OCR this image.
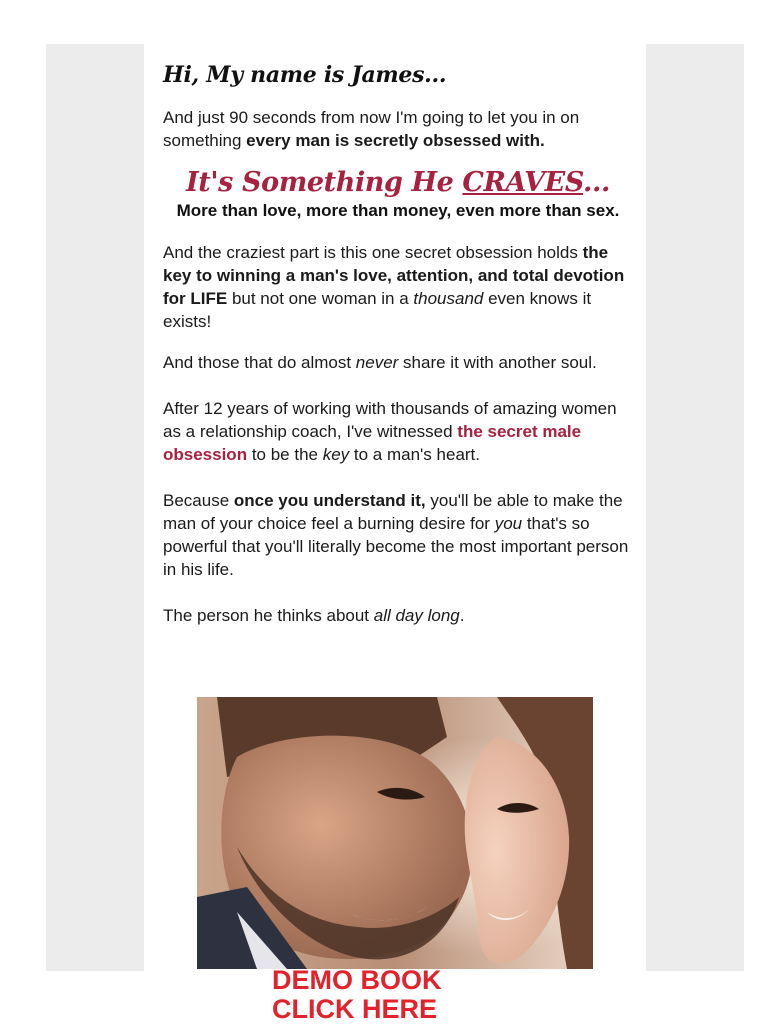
Hi, My name is James...

And just 90 seconds from now I'm going to let you in on something every man is secretly obsessed with.

It's Something He CRAVES...

More than love, more than money, even more than sex.

And the craziest part is this one secret obsession holds the key to winning a man's love, attention, and total devotion for LIFE but not one woman in a thousand even knows it exists!

And those that do almost never share it with another soul.

After 12 years of working with thousands of amazing women as a relationship coach, I've witnessed the secret male obsession to be the key to a man's heart.

Because once you understand it, you'll be able to make the man of your choice feel a burning desire for you that's so powerful that you'll literally become the most important person in his life.

The person he thinks about all day long.

DEMO BOOK
CLICK HERE
